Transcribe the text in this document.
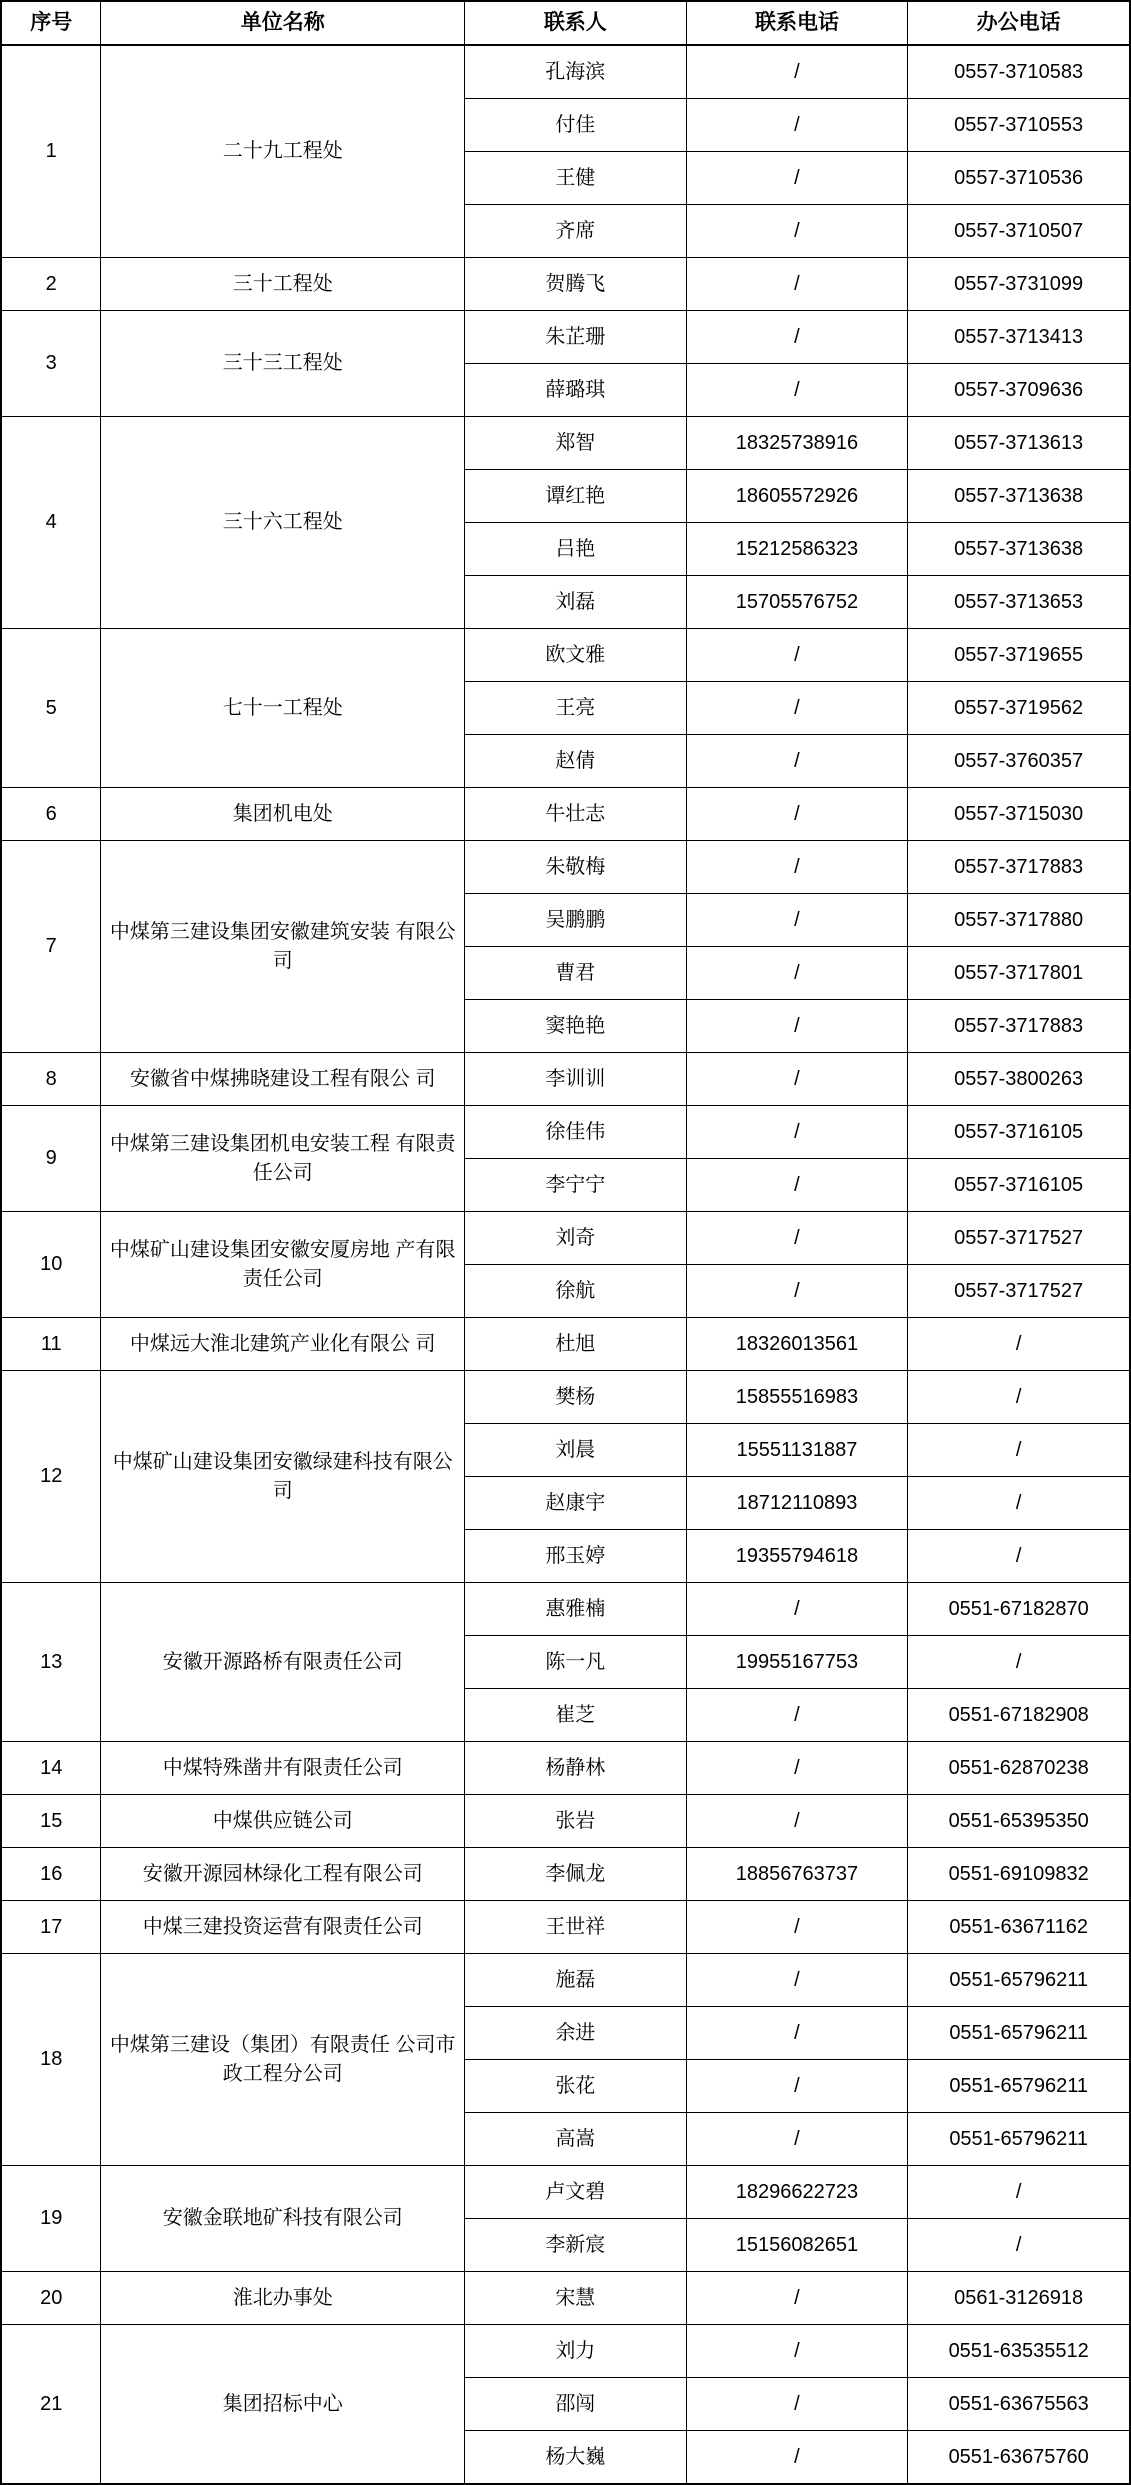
序号	单位名称	联系人	联系电话	办公电话
1	二十九工程处	孔海滨	/	0557-3710583
		付佳	/	0557-3710553
		王健	/	0557-3710536
		齐席	/	0557-3710507
2	三十工程处	贺腾飞	/	0557-3731099
3	三十三工程处	朱芷珊	/	0557-3713413
		薛璐琪	/	0557-3709636
4	三十六工程处	郑智	18325738916	0557-3713613
		谭红艳	18605572926	0557-3713638
		吕艳	15212586323	0557-3713638
		刘磊	15705576752	0557-3713653
5	七十一工程处	欧文雅	/	0557-3719655
		王亮	/	0557-3719562
		赵倩	/	0557-3760357
6	集团机电处	牛壮志	/	0557-3715030
7	中煤第三建设集团安徽建筑安装 有限公司	朱敬梅	/	0557-3717883
		吴鹏鹏	/	0557-3717880
		曹君	/	0557-3717801
		窦艳艳	/	0557-3717883
8	安徽省中煤拂晓建设工程有限公 司	李训训	/	0557-3800263
9	中煤第三建设集团机电安装工程 有限责任公司	徐佳伟	/	0557-3716105
		李宁宁	/	0557-3716105
10	中煤矿山建设集团安徽安厦房地 产有限责任公司	刘奇	/	0557-3717527
		徐航	/	0557-3717527
11	中煤远大淮北建筑产业化有限公 司	杜旭	18326013561	/
12	中煤矿山建设集团安徽绿建科技有限公司	樊杨	15855516983	/
		刘晨	15551131887	/
		赵康宇	18712110893	/
		邢玉婷	19355794618	/
13	安徽开源路桥有限责任公司	惠雅楠	/	0551-67182870
		陈一凡	19955167753	/
		崔芝	/	0551-67182908
14	中煤特殊凿井有限责任公司	杨静林	/	0551-62870238
15	中煤供应链公司	张岩	/	0551-65395350
16	安徽开源园林绿化工程有限公司	李佩龙	18856763737	0551-69109832
17	中煤三建投资运营有限责任公司	王世祥	/	0551-63671162
18	中煤第三建设（集团）有限责任 公司市政工程分公司	施磊	/	0551-65796211
		余进	/	0551-65796211
		张花	/	0551-65796211
		高嵩	/	0551-65796211
19	安徽金联地矿科技有限公司	卢文碧	18296622723	/
		李新宸	15156082651	/
20	淮北办事处	宋慧	/	0561-3126918
21	集团招标中心	刘力	/	0551-63535512
		邵闯	/	0551-63675563
		杨大巍	/	0551-63675760
